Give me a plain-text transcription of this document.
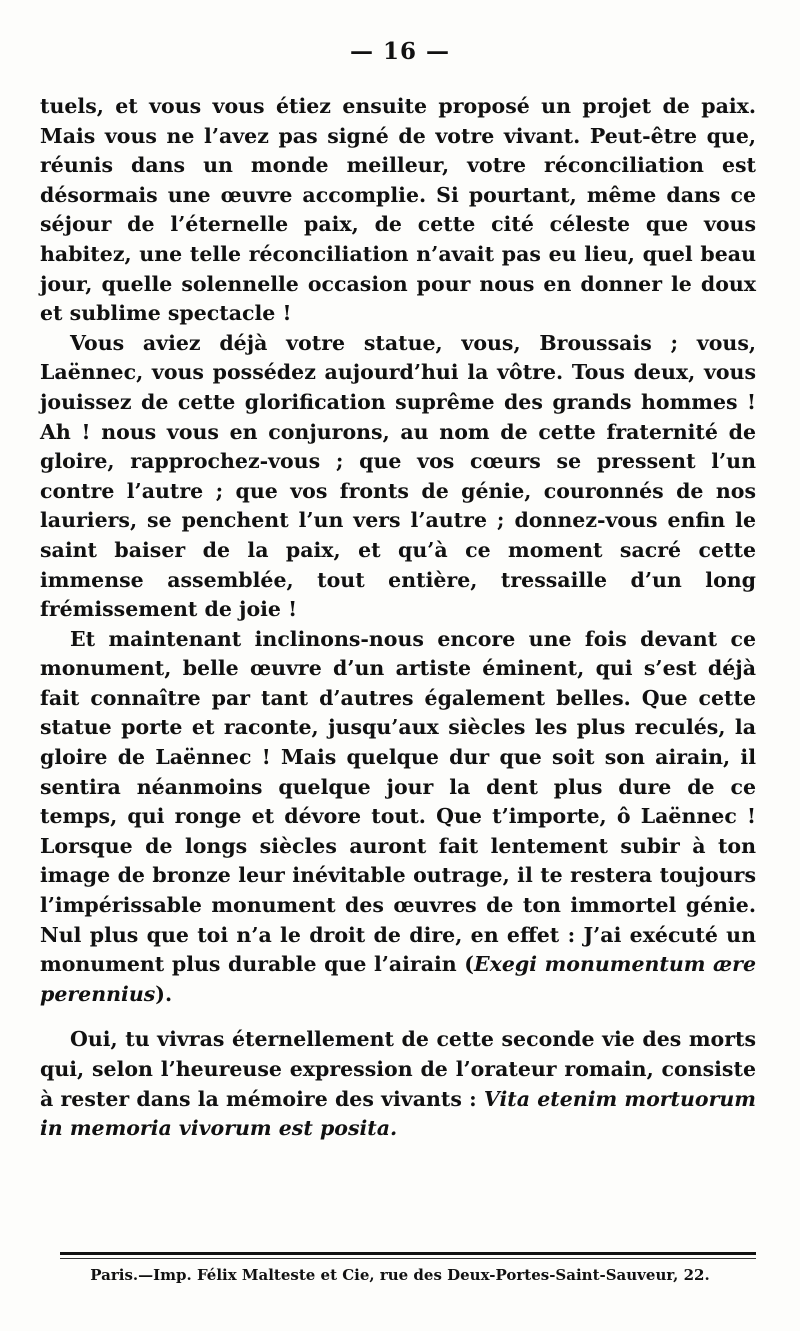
— 16 —

tuels, et vous vous étiez ensuite proposé un projet de paix. Mais vous ne l’avez pas signé de votre vivant. Peut-être que, réunis dans un monde meilleur, votre réconciliation est désormais une œuvre accomplie. Si pourtant, même dans ce séjour de l’éternelle paix, de cette cité céleste que vous habitez, une telle réconciliation n’avait pas eu lieu, quel beau jour, quelle solennelle occasion pour nous en donner le doux et sublime spectacle !

Vous aviez déjà votre statue, vous, Broussais ; vous, Laënnec, vous possédez aujourd’hui la vôtre. Tous deux, vous jouissez de cette glorification suprême des grands hommes ! Ah ! nous vous en conjurons, au nom de cette fraternité de gloire, rapprochez-vous ; que vos cœurs se pressent l’un contre l’autre ; que vos fronts de génie, couronnés de nos lauriers, se penchent l’un vers l’autre ; donnez-vous enfin le saint baiser de la paix, et qu’à ce moment sacré cette immense assemblée, tout entière, tressaille d’un long frémissement de joie !

Et maintenant inclinons-nous encore une fois devant ce monument, belle œuvre d’un artiste éminent, qui s’est déjà fait connaître par tant d’autres également belles. Que cette statue porte et raconte, jusqu’aux siècles les plus reculés, la gloire de Laënnec ! Mais quelque dur que soit son airain, il sentira néanmoins quelque jour la dent plus dure de ce temps, qui ronge et dévore tout. Que t’importe, ô Laënnec ! Lorsque de longs siècles auront fait lentement subir à ton image de bronze leur inévitable outrage, il te restera toujours l’impérissable monument des œuvres de ton immortel génie. Nul plus que toi n’a le droit de dire, en effet : J’ai exécuté un monument plus durable que l’airain (Exegi monumentum ære perennius).

Oui, tu vivras éternellement de cette seconde vie des morts qui, selon l’heureuse expression de l’orateur romain, consiste à rester dans la mémoire des vivants : Vita etenim mortuorum in memoria vivorum est posita.

Paris.—Imp. Félix Malteste et Cie, rue des Deux-Portes-Saint-Sauveur, 22.
